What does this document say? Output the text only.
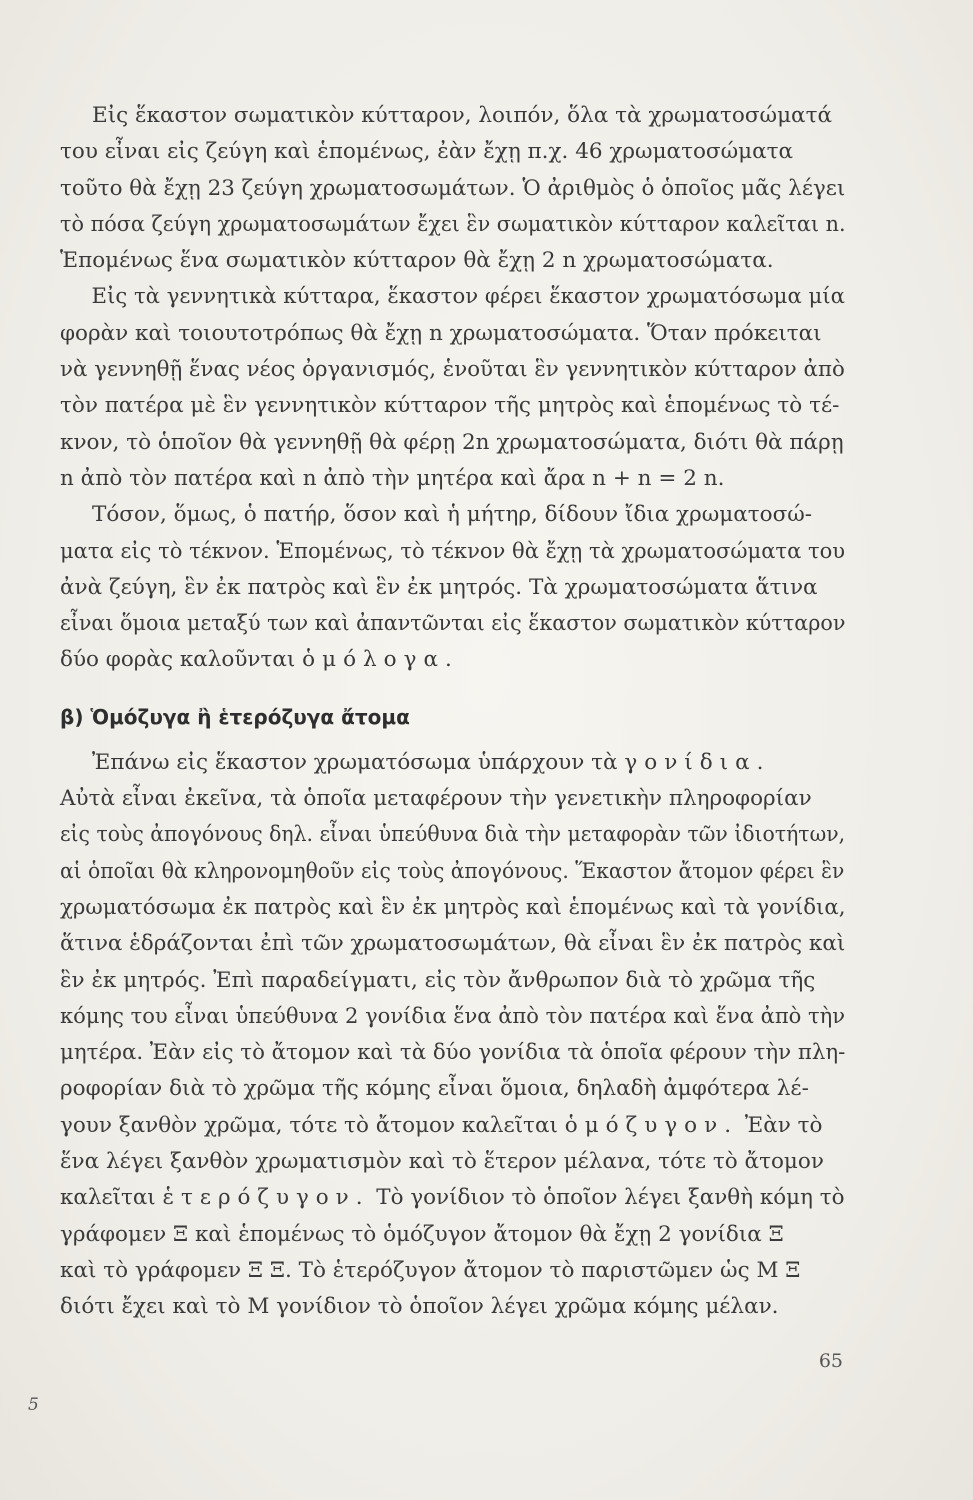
Εἰς ἕκαστον σωματικὸν κύτταρον, λοιπόν, ὅλα τὰ χρωματοσώματά
του εἶναι εἰς ζεύγη καὶ ἑπομένως, ἐὰν ἔχῃ π.χ. 46 χρωματοσώματα
τοῦτο θὰ ἔχῃ 23 ζεύγη χρωματοσωμάτων. Ὁ ἀριθμὸς ὁ ὁποῖος μᾶς λέγει
τὸ πόσα ζεύγη χρωματοσωμάτων ἔχει ἓν σωματικὸν κύτταρον καλεῖται n.
Ἑπομένως ἕνα σωματικὸν κύτταρον θὰ ἔχῃ 2 n χρωματοσώματα.

Εἰς τὰ γεννητικὰ κύτταρα, ἕκαστον φέρει ἕκαστον χρωματόσωμα μία
φορὰν καὶ τοιουτοτρόπως θὰ ἔχῃ n χρωματοσώματα. Ὅταν πρόκειται
νὰ γεννηθῇ ἕνας νέος ὀργανισμός, ἑνοῦται ἓν γεννητικὸν κύτταρον ἀπὸ
τὸν πατέρα μὲ ἓν γεννητικὸν κύτταρον τῆς μητρὸς καὶ ἑπομένως τὸ τέ-
κνον, τὸ ὁποῖον θὰ γεννηθῇ θὰ φέρῃ 2n χρωματοσώματα, διότι θὰ πάρῃ
n ἀπὸ τὸν πατέρα καὶ n ἀπὸ τὴν μητέρα καὶ ἄρα n + n = 2 n.

Τόσον, ὅμως, ὁ πατήρ, ὅσον καὶ ἡ μήτηρ, δίδουν ἴδια χρωματοσώ-
ματα εἰς τὸ τέκνον. Ἑπομένως, τὸ τέκνον θὰ ἔχῃ τὰ χρωματοσώματα του
ἀνὰ ζεύγη, ἓν ἐκ πατρὸς καὶ ἓν ἐκ μητρός. Τὰ χρωματοσώματα ἅτινα
εἶναι ὅμοια μεταξύ των καὶ ἀπαντῶνται εἰς ἕκαστον σωματικὸν κύτταρον
δύο φορὰς καλοῦνται ὁμόλογα.

β) Ὁμόζυγα ἢ ἑτερόζυγα ἄτομα

Ἐπάνω εἰς ἕκαστον χρωματόσωμα ὑπάρχουν τὰ γονίδια.
Αὐτὰ εἶναι ἐκεῖνα, τὰ ὁποῖα μεταφέρουν τὴν γενετικὴν πληροφορίαν
εἰς τοὺς ἀπογόνους δηλ. εἶναι ὑπεύθυνα διὰ τὴν μεταφορὰν τῶν ἰδιοτήτων,
αἱ ὁποῖαι θὰ κληρονομηθοῦν εἰς τοὺς ἀπογόνους. Ἕκαστον ἄτομον φέρει ἓν
χρωματόσωμα ἐκ πατρὸς καὶ ἓν ἐκ μητρὸς καὶ ἑπομένως καὶ τὰ γονίδια,
ἅτινα ἑδράζονται ἐπὶ τῶν χρωματοσωμάτων, θὰ εἶναι ἓν ἐκ πατρὸς καὶ
ἓν ἐκ μητρός. Ἐπὶ παραδείγματι, εἰς τὸν ἄνθρωπον διὰ τὸ χρῶμα τῆς
κόμης του εἶναι ὑπεύθυνα 2 γονίδια ἕνα ἀπὸ τὸν πατέρα καὶ ἕνα ἀπὸ τὴν
μητέρα. Ἐὰν εἰς τὸ ἄτομον καὶ τὰ δύο γονίδια τὰ ὁποῖα φέρουν τὴν πλη-
ροφορίαν διὰ τὸ χρῶμα τῆς κόμης εἶναι ὅμοια, δηλαδὴ ἀμφότερα λέ-
γουν ξανθὸν χρῶμα, τότε τὸ ἄτομον καλεῖται ὁμόζυγον. Ἐὰν τὸ
ἕνα λέγει ξανθὸν χρωματισμὸν καὶ τὸ ἕτερον μέλανα, τότε τὸ ἄτομον
καλεῖται ἑτερόζυγον. Τὸ γονίδιον τὸ ὁποῖον λέγει ξανθὴ κόμη τὸ
γράφομεν Ξ καὶ ἑπομένως τὸ ὁμόζυγον ἄτομον θὰ ἔχῃ 2 γονίδια Ξ
καὶ τὸ γράφομεν Ξ Ξ. Τὸ ἑτερόζυγον ἄτομον τὸ παριστῶμεν ὡς Μ Ξ
διότι ἔχει καὶ τὸ Μ γονίδιον τὸ ὁποῖον λέγει χρῶμα κόμης μέλαν.

65
5
